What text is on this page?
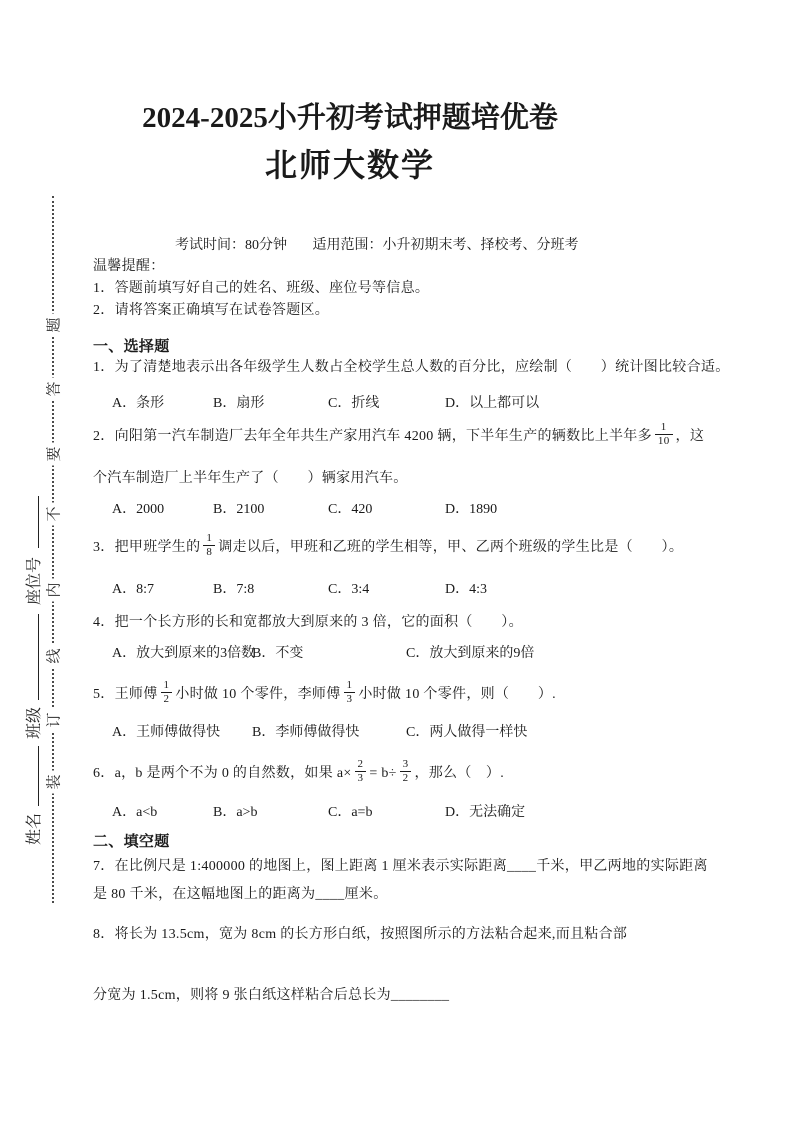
姓名班级座位号
题
答
要
不
内
线
订
装
2024-2025小升初考试押题培优卷
北师大数学
考试时间：80分钟 适用范围：小升初期末考、择校考、分班考
温馨提醒：
1．答题前填写好自己的姓名、班级、座位号等信息。
2．请将答案正确填写在试卷答题区。
一、选择题
1．为了清楚地表示出各年级学生人数占全校学生总人数的百分比，应绘制（　　）统计图比较合适。
A．条形	B．扇形	C．折线	D．以上都可以
2．向阳第一汽车制造厂去年全年共生产家用汽车 4200 辆，下半年生产的辆数比上半年多 $\frac{1}{10}$ ，这
个汽车制造厂上半年生产了（　　）辆家用汽车。
A．2000	B．2100	C．420	D．1890
3．把甲班学生的 $\frac{1}{8}$ 调走以后，甲班和乙班的学生相等，甲、乙两个班级的学生比是（　　）。
A．8:7	B．7:8	C．3:4	D．4:3
4．把一个长方形的长和宽都放大到原来的 3 倍，它的面积（　　）。
A．放大到原来的3倍数
B．不变	C．放大到原来的9倍
5．王师傅 $\frac{1}{2}$ 小时做 10 个零件，李师傅 $\frac{1}{3}$ 小时做 10 个零件，则（　　）.
A．王师傅做得快 B．李师傅做得快	C．两人做得一样快
6．a，b 是两个不为 0 的自然数，如果 $a\times \frac{2}{3} = b\div \frac{3}{2}$ ，那么（　）.
A．a<b	B．a>b	C．a=b	D．无法确定
二、填空题
7．在比例尺是 1:400000 的地图上，图上距离 1 厘米表示实际距离____千米，甲乙两地的实际距离
是 80 千米，在这幅地图上的距离为____厘米。
8．将长为 13.5cm，宽为 8cm 的长方形白纸，按照图所示的方法粘合起来,而且粘合部
分宽为 1.5cm，则将 9 张白纸这样粘合后总长为________
